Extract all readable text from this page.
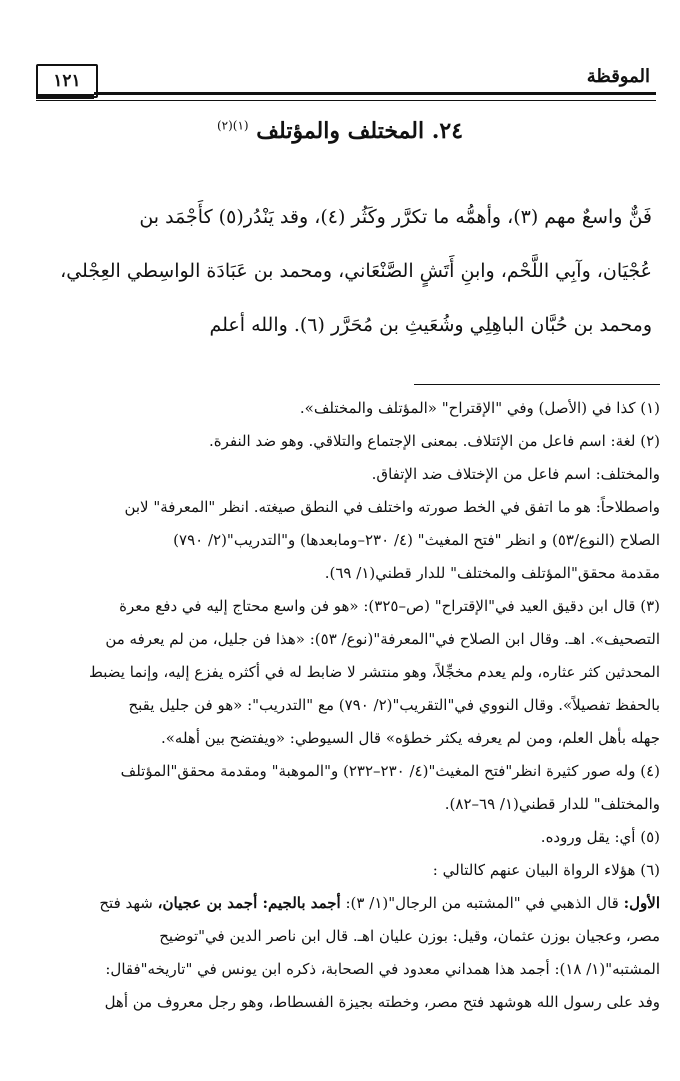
١٢١	الموقظة
٢٤. المختلف والمؤتلف $^{(١)(٢)}$

فَنٌّ واسعٌ مهم (٣)، وأهمُّه ما تكرَّر وكَثُر (٤)، وقد يَنْدُر(٥) كأَجْمَد بن

عُجْيَان، وآبِي اللَّحْم، وابنِ أَتَشٍ الصَّنْعَاني، ومحمد بن عَبَادَة الواسِطي العِجْلي،

ومحمد بن حُبَّان الباهِلِي وشُعَيثِ بن مُحَرَّر (٦). والله أعلم

(١) كذا في (الأصل) وفي "الإقتراح" «المؤتلف والمختلف».

(٢) لغة: اسم فاعل من الإئتلاف. بمعنى الإجتماع والتلاقي. وهو ضد النفرة.

والمختلف: اسم فاعل من الإختلاف ضد الإتفاق.

واصطلاحاً: هو ما اتفق في الخط صورته واختلف في النطق صيغته. انظر "المعرفة" لابن

الصلاح (النوع/٥٣) و انظر "فتح المغيث" (٤/ ٢٣٠–ومابعدها) و"التدريب"(٢/ ٧٩٠)

مقدمة محقق"المؤتلف والمختلف" للدار قطني(١/ ٦٩).

(٣) قال ابن دقيق العيد في"الإقتراح" (ص–٣٢٥): «هو فن واسع محتاج إليه في دفع معرة

التصحيف». اهـ. وقال ابن الصلاح في"المعرفة"(نوع/ ٥٣): «هذا فن جليل، من لم يعرفه من

المحدثين كثر عثاره، ولم يعدم مخجِّلاً، وهو منتشر لا ضابط له في أكثره يفزع إليه، وإنما يضبط

بالحفظ تفصيلاً». وقال النووي في"التقريب"(٢/ ٧٩٠) مع "التدريب": «هو فن جليل يقبح

جهله بأهل العلم، ومن لم يعرفه يكثر خطؤه» قال السيوطي: «ويفتضح بين أهله».

(٤) وله صور كثيرة انظر"فتح المغيث"(٤/ ٢٣٠–٢٣٢) و"الموهبة" ومقدمة محقق"المؤتلف

والمختلف" للدار قطني(١/ ٦٩–٨٢).

(٥) أي: يقل وروده.

(٦) هؤلاء الرواة البيان عنهم كالتالي :

الأول: قال الذهبي في "المشتبه من الرجال"(١/ ٣): أجمد بالجيم: أجمد بن عجيان، شهد فتح

مصر، وعجيان بوزن عثمان، وقيل: بوزن عليان اهـ. قال ابن ناصر الدين في"توضيح

المشتبه"(١/ ١٨): أجمد هذا همداني معدود في الصحابة، ذكره ابن يونس في "تاريخه"فقال:

وفد على رسول الله هوشهد فتح مصر، وخطته بجيزة الفسطاط، وهو رجل معروف من أهل
